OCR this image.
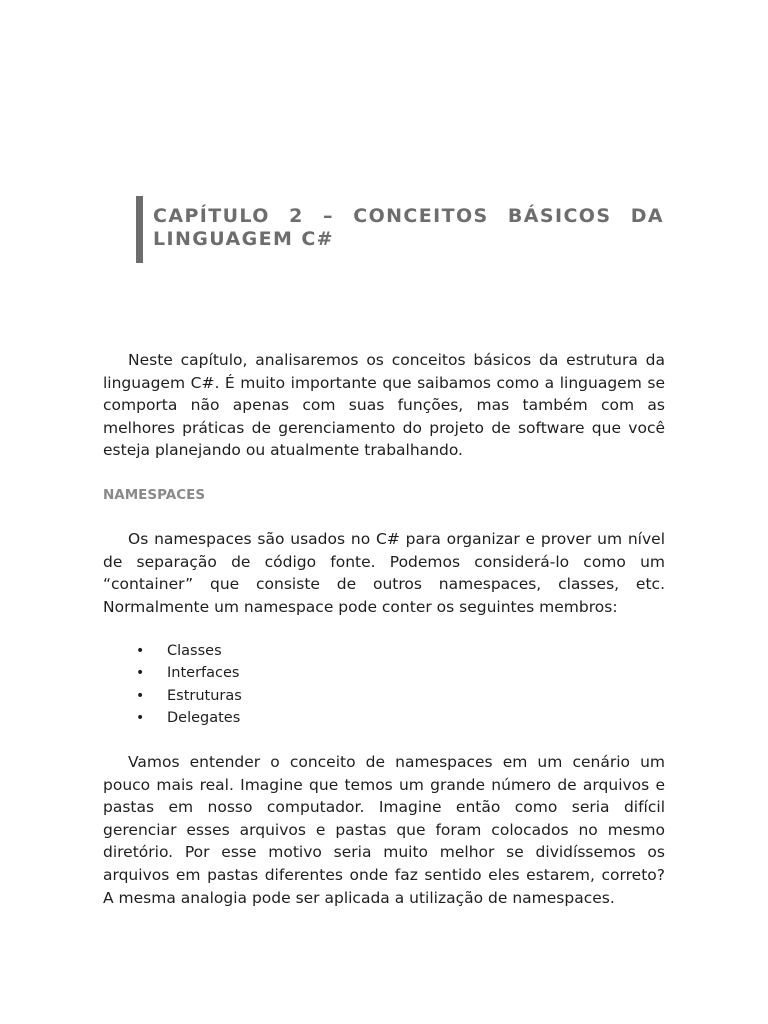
CAPÍTULO 2 – CONCEITOS BÁSICOS DA LINGUAGEM C#

Neste capítulo, analisaremos os conceitos básicos da estrutura da linguagem C#. É muito importante que saibamos como a linguagem se comporta não apenas com suas funções, mas também com as melhores práticas de gerenciamento do projeto de software que você esteja planejando ou atualmente trabalhando.

NAMESPACES

Os namespaces são usados no C# para organizar e prover um nível de separação de código fonte. Podemos considerá-lo como um “container” que consiste de outros namespaces, classes, etc. Normalmente um namespace pode conter os seguintes membros:

• Classes
• Interfaces
• Estruturas
• Delegates

Vamos entender o conceito de namespaces em um cenário um pouco mais real. Imagine que temos um grande número de arquivos e pastas em nosso computador. Imagine então como seria difícil gerenciar esses arquivos e pastas que foram colocados no mesmo diretório. Por esse motivo seria muito melhor se dividíssemos os arquivos em pastas diferentes onde faz sentido eles estarem, correto? A mesma analogia pode ser aplicada a utilização de namespaces.
